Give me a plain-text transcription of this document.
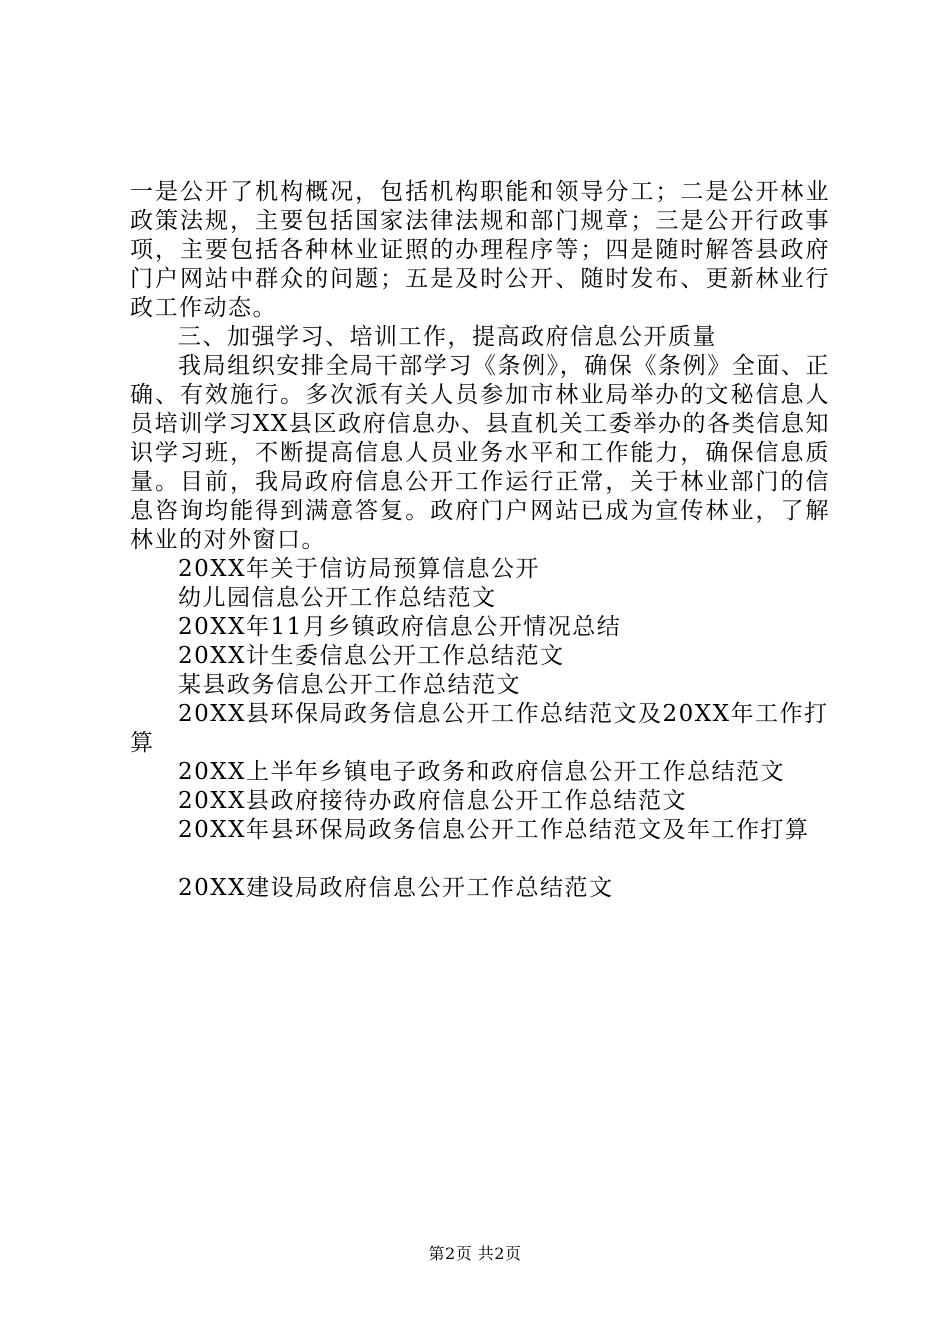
一是公开了机构概况，包括机构职能和领导分工；二是公开林业政策法规，主要包括国家法律法规和部门规章；三是公开行政事项，主要包括各种林业证照的办理程序等；四是随时解答县政府门户网站中群众的问题；五是及时公开、随时发布、更新林业行政工作动态。

三、加强学习、培训工作，提高政府信息公开质量

我局组织安排全局干部学习《条例》，确保《条例》全面、正确、有效施行。多次派有关人员参加市林业局举办的文秘信息人员培训学习XX县区政府信息办、县直机关工委举办的各类信息知识学习班，不断提高信息人员业务水平和工作能力，确保信息质量。目前，我局政府信息公开工作运行正常，关于林业部门的信息咨询均能得到满意答复。政府门户网站已成为宣传林业，了解林业的对外窗口。

20XX年关于信访局预算信息公开
幼儿园信息公开工作总结范文
20XX年11月乡镇政府信息公开情况总结
20XX计生委信息公开工作总结范文
某县政务信息公开工作总结范文
20XX县环保局政务信息公开工作总结范文及20XX年工作打算
20XX上半年乡镇电子政务和政府信息公开工作总结范文
20XX县政府接待办政府信息公开工作总结范文
20XX年县环保局政务信息公开工作总结范文及年工作打算
20XX建设局政府信息公开工作总结范文
第2页 共2页
